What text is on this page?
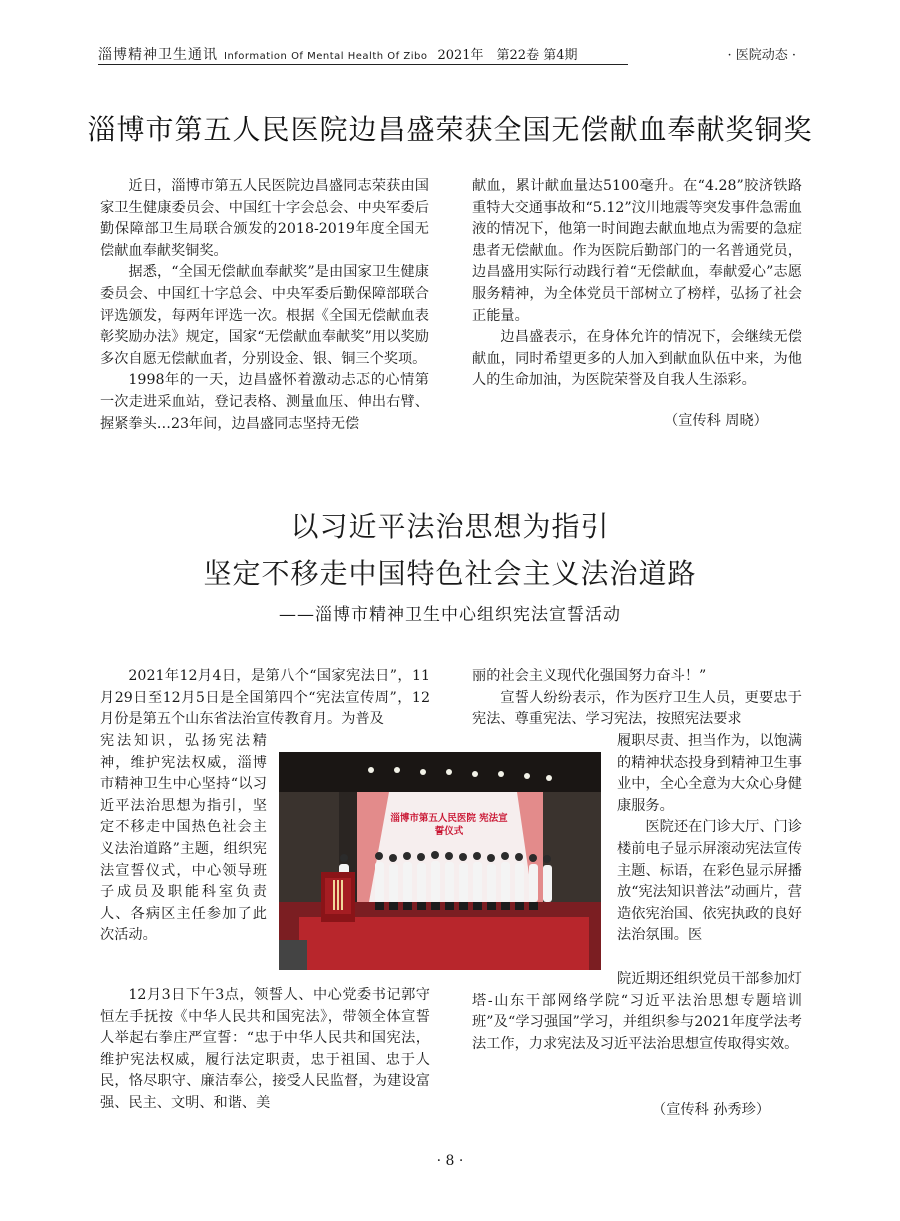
淄博精神卫生通讯 Information Of Mental Health Of Zibo 2021年　第22卷 第4期	· 医院动态 ·
淄博市第五人民医院边昌盛荣获全国无偿献血奉献奖铜奖

近日，淄博市第五人民医院边昌盛同志荣获由国家卫生健康委员会、中国红十字会总会、中央军委后勤保障部卫生局联合颁发的2018-2019年度全国无偿献血奉献奖铜奖。

据悉，“全国无偿献血奉献奖”是由国家卫生健康委员会、中国红十字总会、中央军委后勤保障部联合评选颁发，每两年评选一次。根据《全国无偿献血表彰奖励办法》规定，国家“无偿献血奉献奖”用以奖励多次自愿无偿献血者，分别设金、银、铜三个奖项。

1998年的一天，边昌盛怀着激动忐忑的心情第一次走进采血站，登记表格、测量血压、伸出右臂、握紧拳头…23年间，边昌盛同志坚持无偿

献血，累计献血量达5100毫升。在“4.28”胶济铁路重特大交通事故和“5.12”汶川地震等突发事件急需血液的情况下，他第一时间跑去献血地点为需要的急症患者无偿献血。作为医院后勤部门的一名普通党员，边昌盛用实际行动践行着“无偿献血，奉献爱心”志愿服务精神，为全体党员干部树立了榜样，弘扬了社会正能量。

边昌盛表示，在身体允许的情况下，会继续无偿献血，同时希望更多的人加入到献血队伍中来，为他人的生命加油，为医院荣誉及自我人生添彩。

（宣传科 周晓）
以习近平法治思想为指引
坚定不移走中国特色社会主义法治道路
——淄博市精神卫生中心组织宪法宣誓活动

2021年12月4日，是第八个“国家宪法日”，11月29日至12月5日是全国第四个“宪法宣传周”，12月份是第五个山东省法治宣传教育月。为普及

宪法知识，弘扬宪法精神，维护宪法权威，淄博市精神卫生中心坚持“以习近平法治思想为指引，坚定不移走中国热色社会主义法治道路”主题，组织宪法宣誓仪式，中心领导班子成员及职能科室负责人、各病区主任参加了此次活动。

12月3日下午3点，领誓人、中心党委书记郭守恒左手抚按《中华人民共和国宪法》，带领全体宣誓人举起右拳庄严宣誓：“忠于中华人民共和国宪法，维护宪法权威，履行法定职责，忠于祖国、忠于人民，恪尽职守、廉洁奉公，接受人民监督，为建设富强、民主、文明、和谐、美

丽的社会主义现代化强国努力奋斗！”

宣誓人纷纷表示，作为医疗卫生人员，更要忠于宪法、尊重宪法、学习宪法，按照宪法要求

履职尽责、担当作为，以饱满的精神状态投身到精神卫生事业中，全心全意为大众心身健康服务。

医院还在门诊大厅、门诊楼前电子显示屏滚动宪法宣传主题、标语，在彩色显示屏播放“宪法知识普法”动画片，营造依宪治国、依宪执政的良好法治氛围。医

院近期还组织党员干部参加灯塔-山东干部网络学院“习近平法治思想专题培训班”及“学习强国”学习，并组织参与2021年度学法考法工作，力求宪法及习近平法治思想宣传取得实效。

（宣传科 孙秀珍）
淄博市第五人民医院 宪法宣誓仪式
· 8 ·
